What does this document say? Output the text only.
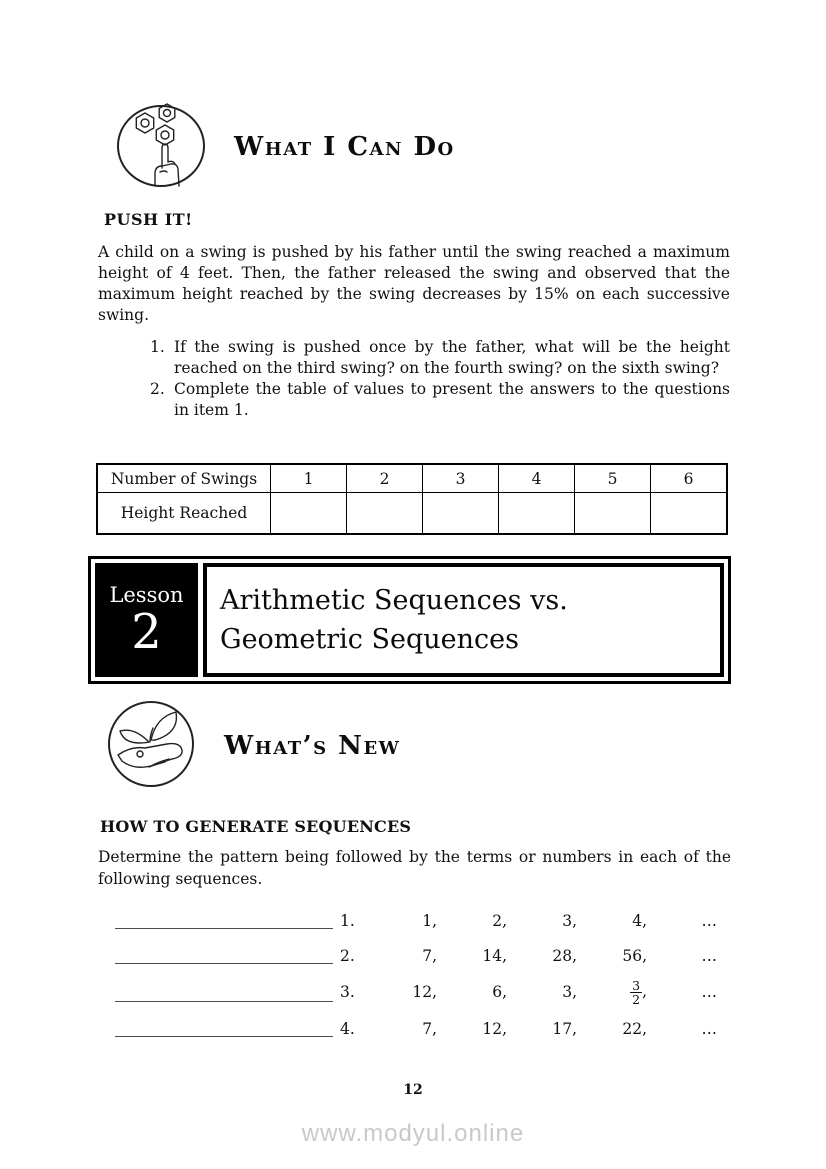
What I Can Do
PUSH IT!
A child on a swing is pushed by his father until the swing reached a maximum height of 4 feet. Then, the father released the swing and observed that the maximum height reached by the swing decreases by 15% on each successive swing.
1. If the swing is pushed once by the father, what will be the height reached on the third swing? on the fourth swing? on the sixth swing?
2. Complete the table of values to present the answers to the questions in item 1.
Number of Swings	1	2	3	4	5	6
Height Reached						
Lesson
2
Arithmetic Sequences vs.
Geometric Sequences
What’s New
HOW TO GENERATE SEQUENCES
Determine the pattern being followed by the terms or numbers in each of the following sequences.
1.	1,	2,	3,	4,	…
2.	7,	14,	28,	56,	…
3.	12,	6,	3,	$\frac{3}{2}$ ,	…
4.	7,	12,	17,	22,	…
12
www.modyul.online
